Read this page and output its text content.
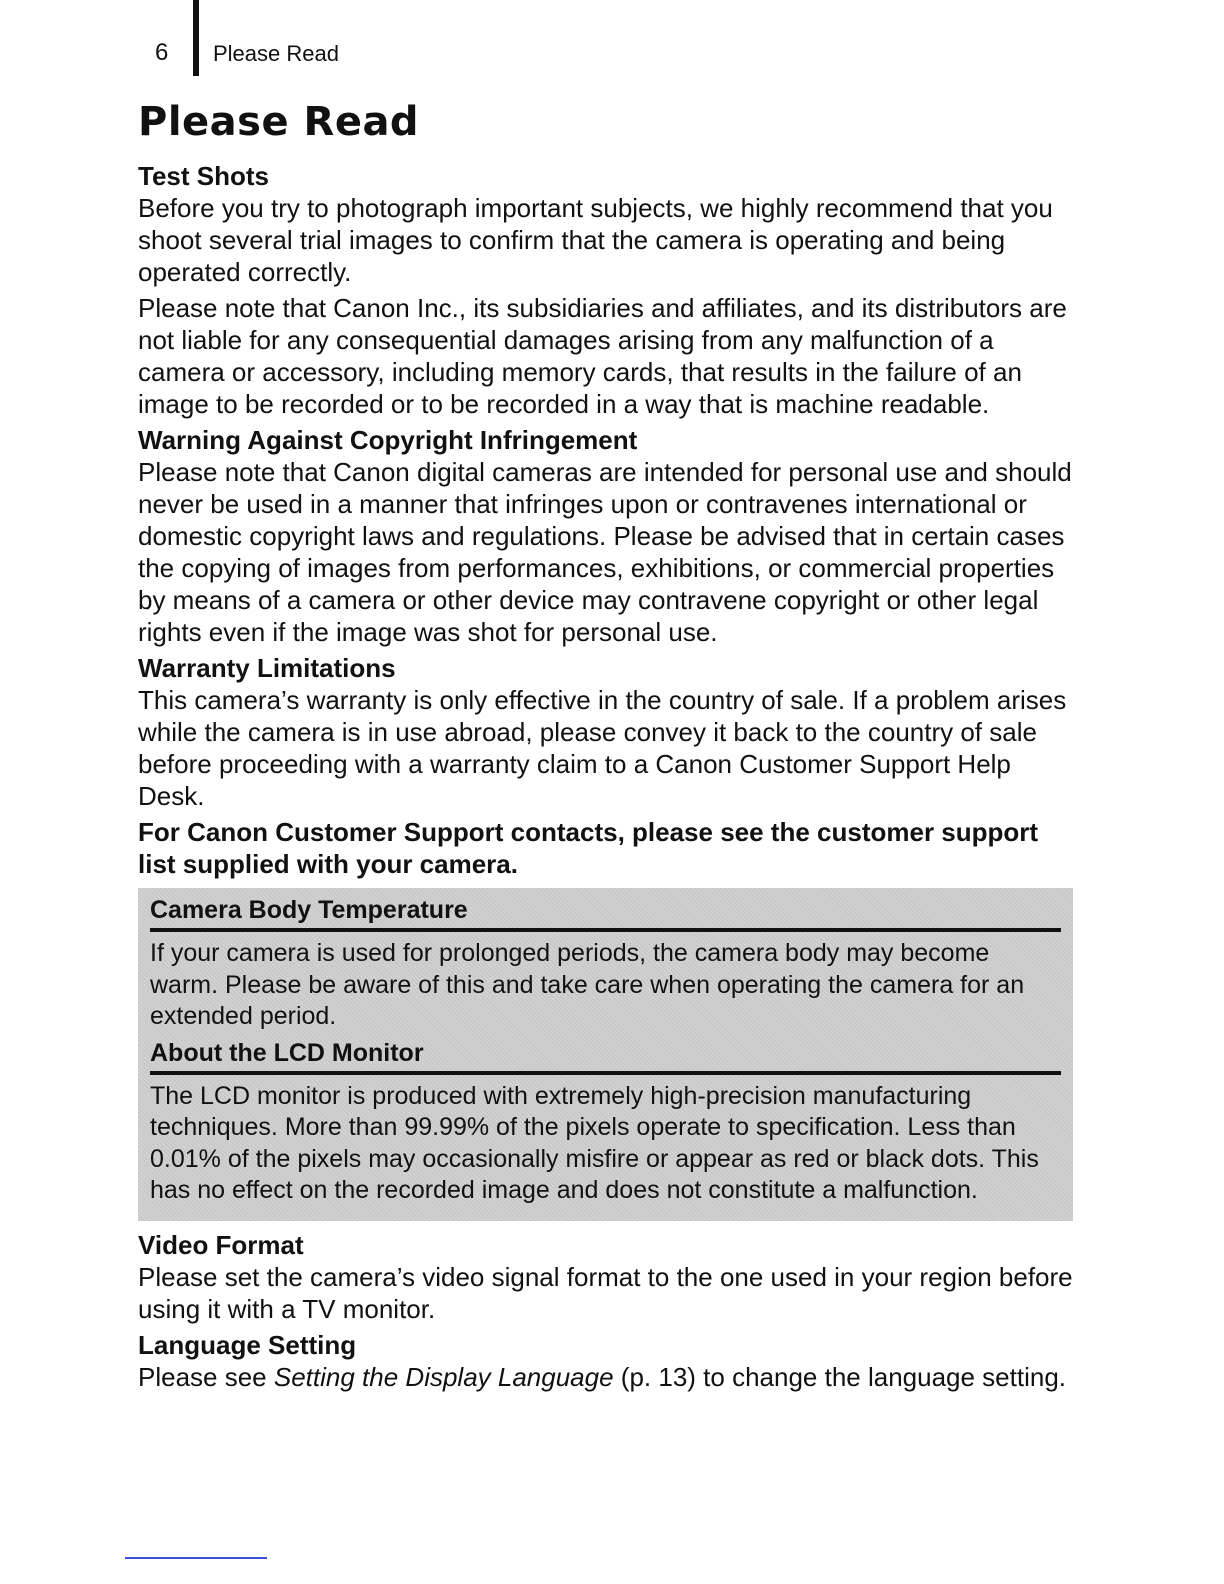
6 Please Read
Please Read
Test Shots

Before you try to photograph important subjects, we highly recommend that you shoot several trial images to confirm that the camera is operating and being operated correctly.

Please note that Canon Inc., its subsidiaries and affiliates, and its distributors are not liable for any consequential damages arising from any malfunction of a camera or accessory, including memory cards, that results in the failure of an image to be recorded or to be recorded in a way that is machine readable.

Warning Against Copyright Infringement

Please note that Canon digital cameras are intended for personal use and should never be used in a manner that infringes upon or contravenes international or domestic copyright laws and regulations. Please be advised that in certain cases the copying of images from performances, exhibitions, or commercial properties by means of a camera or other device may contravene copyright or other legal rights even if the image was shot for personal use.

Warranty Limitations

This camera’s warranty is only effective in the country of sale. If a problem arises while the camera is in use abroad, please convey it back to the country of sale before proceeding with a warranty claim to a Canon Customer Support Help Desk.

For Canon Customer Support contacts, please see the customer support list supplied with your camera.

Camera Body Temperature

If your camera is used for prolonged periods, the camera body may become warm. Please be aware of this and take care when operating the camera for an extended period.

About the LCD Monitor

The LCD monitor is produced with extremely high-precision manufacturing techniques. More than 99.99% of the pixels operate to specification. Less than 0.01% of the pixels may occasionally misfire or appear as red or black dots. This has no effect on the recorded image and does not constitute a malfunction.

Video Format

Please set the camera’s video signal format to the one used in your region before using it with a TV monitor.

Language Setting

Please see Setting the Display Language (p. 13) to change the language setting.
